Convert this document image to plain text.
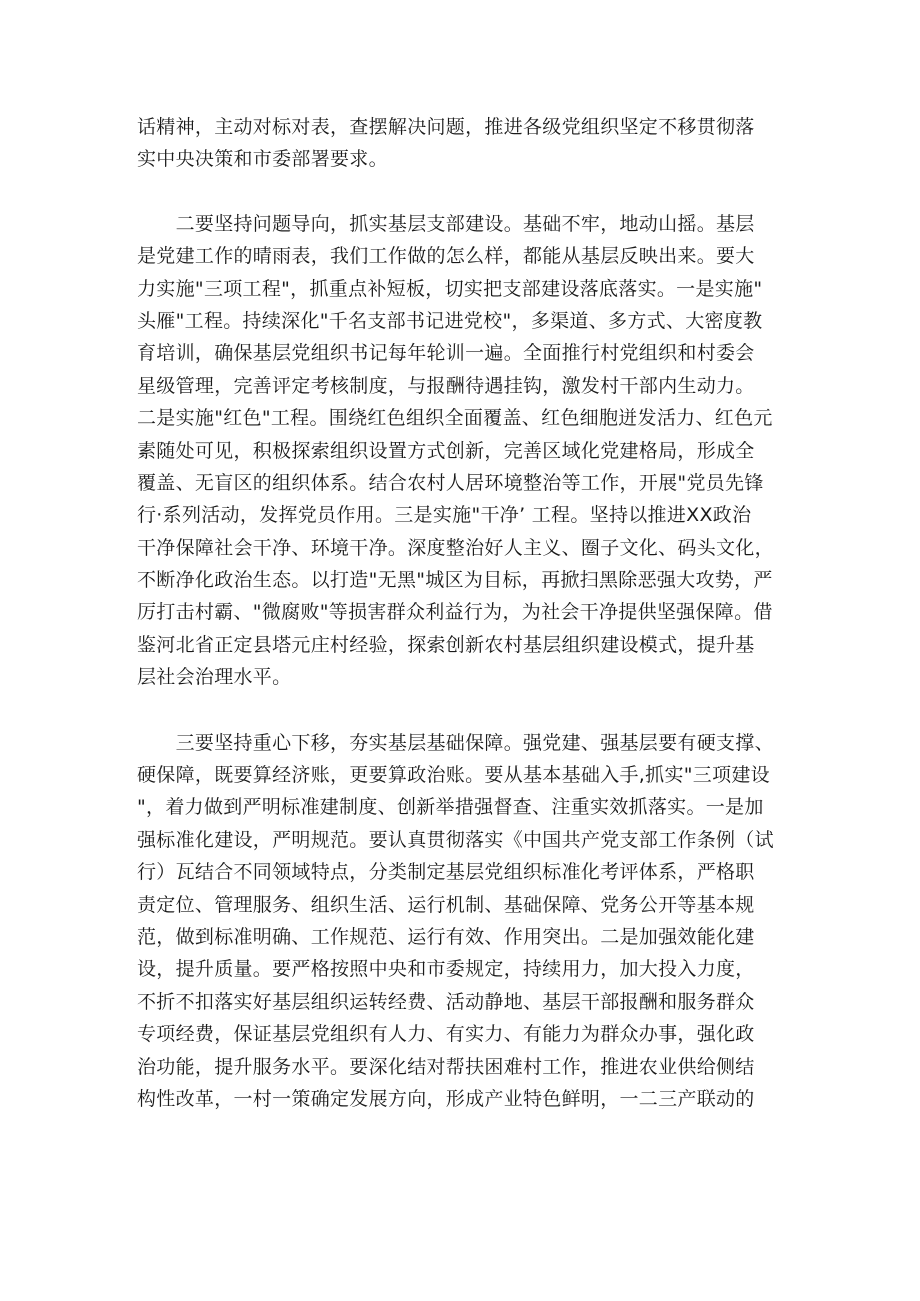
话精神，主动对标对表，查摆解决问题，推进各级党组织坚定不移贯彻落
实中央决策和市委部署要求。
　　二要坚持问题导向，抓实基层支部建设。基础不牢，地动山摇。基层
是党建工作的晴雨表，我们工作做的怎么样，都能从基层反映出来。要大
力实施"三项工程"，抓重点补短板，切实把支部建设落底落实。一是实施"
头雁"工程。持续深化"千名支部书记进党校"，多渠道、多方式、大密度教
育培训，确保基层党组织书记每年轮训一遍。全面推行村党组织和村委会
星级管理，完善评定考核制度，与报酬待遇挂钩，激发村干部内生动力。
二是实施"红色"工程。围绕红色组织全面覆盖、红色细胞迸发活力、红色元
素随处可见，积极探索组织设置方式创新，完善区域化党建格局，形成全
覆盖、无盲区的组织体系。结合农村人居环境整治等工作，开展"党员先锋
行·系列活动，发挥党员作用。三是实施"干净’ 工程。坚持以推进XX政治
干净保障社会干净、环境干净。深度整治好人主义、圈子文化、码头文化，
不断净化政治生态。以打造"无黑"城区为目标，再掀扫黑除恶强大攻势，严
厉打击村霸、"微腐败"等损害群众利益行为，为社会干净提供坚强保障。借
鉴河北省正定县塔元庄村经验，探索创新农村基层组织建设模式，提升基
层社会治理水平。
　　三要坚持重心下移，夯实基层基础保障。强党建、强基层要有硬支撑、
硬保障，既要算经济账，更要算政治账。要从基本基础入手,抓实"三项建设
"，着力做到严明标准建制度、创新举措强督查、注重实效抓落实。一是加
强标准化建设，严明规范。要认真贯彻落实《中国共产党支部工作条例（试
行）瓦结合不同领域特点，分类制定基层党组织标准化考评体系，严格职
责定位、管理服务、组织生活、运行机制、基础保障、党务公开等基本规
范，做到标准明确、工作规范、运行有效、作用突出。二是加强效能化建
设，提升质量。要严格按照中央和市委规定，持续用力，加大投入力度，
不折不扣落实好基层组织运转经费、活动静地、基层干部报酬和服务群众
专项经费，保证基层党组织有人力、有实力、有能力为群众办事，强化政
治功能，提升服务水平。要深化结对帮扶困难村工作，推进农业供给侧结
构性改革，一村一策确定发展方向，形成产业特色鲜明，一二三产联动的
